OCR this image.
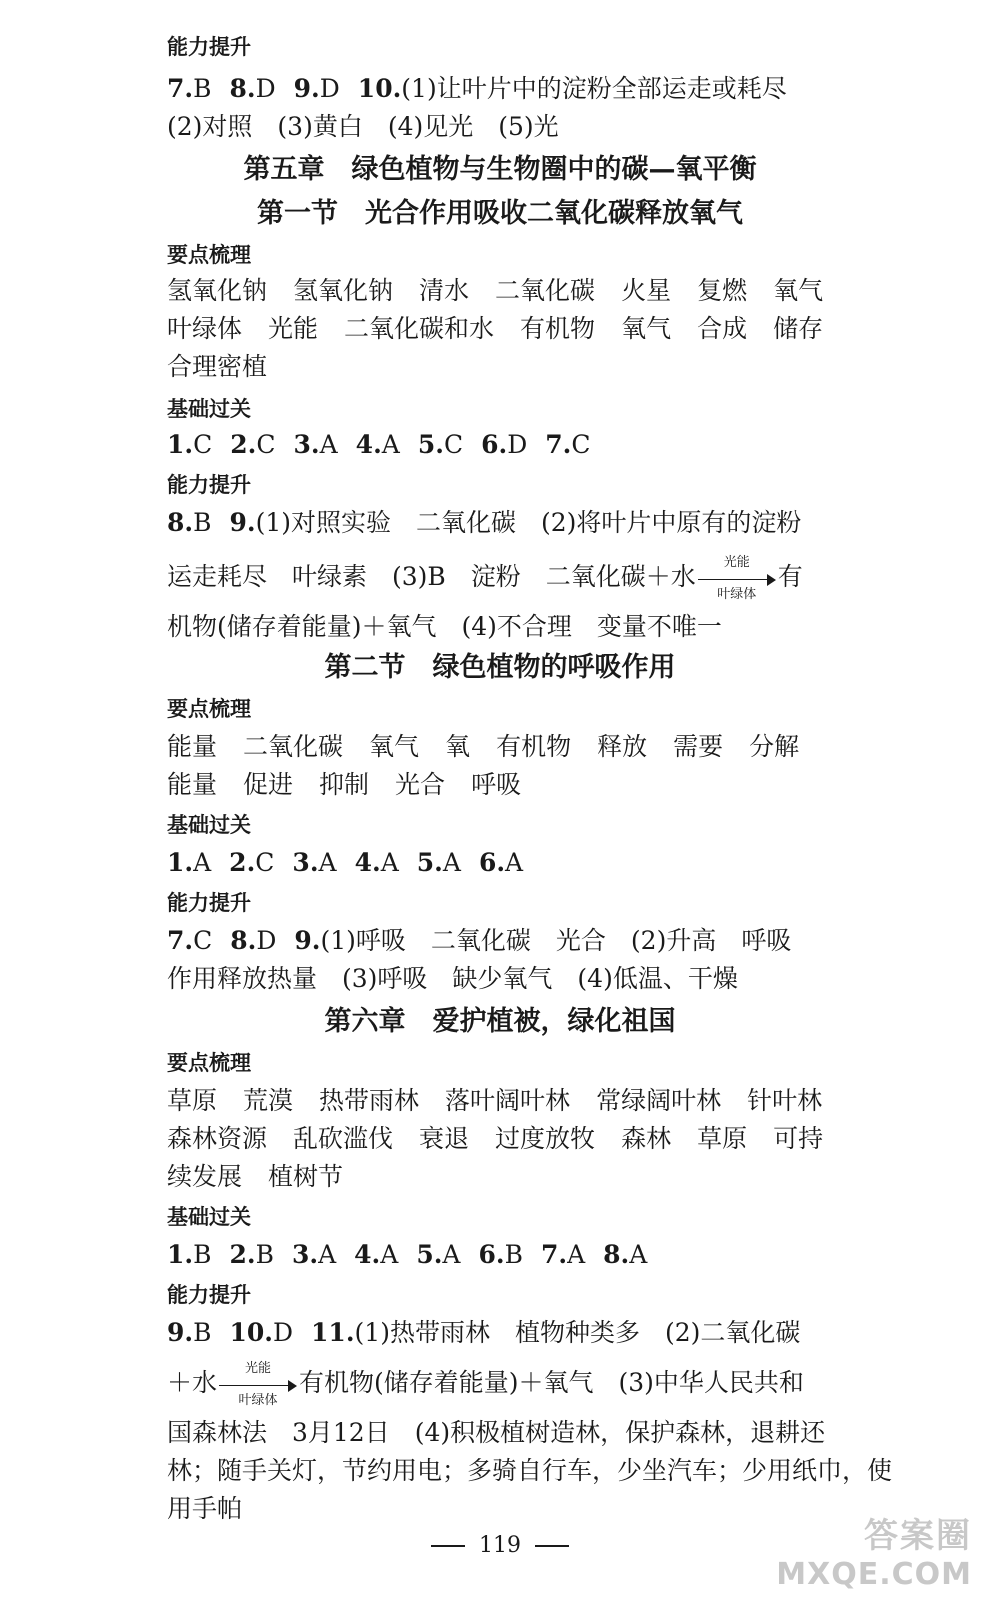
能力提升
7.B 8.D 9.D 10.(1)让叶片中的淀粉全部运走或耗尽
(2)对照　(3)黄白　(4)见光　(5)光
第五章　绿色植物与生物圈中的碳—氧平衡
第一节　光合作用吸收二氧化碳释放氧气
要点梳理
氢氧化钠 氢氧化钠 清水 二氧化碳 火星 复燃 氧气
叶绿体 光能 二氧化碳和水 有机物 氧气 合成 储存
合理密植
基础过关
1.C 2.C 3.A 4.A 5.C 6.D 7.C
能力提升
8.B 9.(1)对照实验　二氧化碳　(2)将叶片中原有的淀粉
运走耗尽　叶绿素　(3)B　淀粉　二氧化碳＋水	光能
叶绿体
有
机物(储存着能量)＋氧气　(4)不合理　变量不唯一
第二节　绿色植物的呼吸作用
要点梳理
能量 二氧化碳 氧气 氧 有机物 释放 需要 分解
能量 促进 抑制 光合 呼吸
基础过关
1.A 2.C 3.A 4.A 5.A 6.A
能力提升
7.C 8.D 9.(1)呼吸　二氧化碳　光合　(2)升高　呼吸
作用释放热量　(3)呼吸　缺少氧气　(4)低温、干燥
第六章　爱护植被，绿化祖国
要点梳理
草原 荒漠 热带雨林 落叶阔叶林 常绿阔叶林 针叶林
森林资源 乱砍滥伐 衰退 过度放牧 森林 草原 可持
续发展 植树节
基础过关
1.B 2.B 3.A 4.A 5.A 6.B 7.A 8.A
能力提升
9.B 10.D 11.(1)热带雨林　植物种类多　(2)二氧化碳
＋水	光能
叶绿体
有机物(储存着能量)＋氧气　(3)中华人民共和
国森林法　3月12日　(4)积极植树造林，保护森林，退耕还
林；随手关灯，节约用电；多骑自行车，少坐汽车；少用纸巾，使
用手帕
119	答案圈
MXQE.COM
